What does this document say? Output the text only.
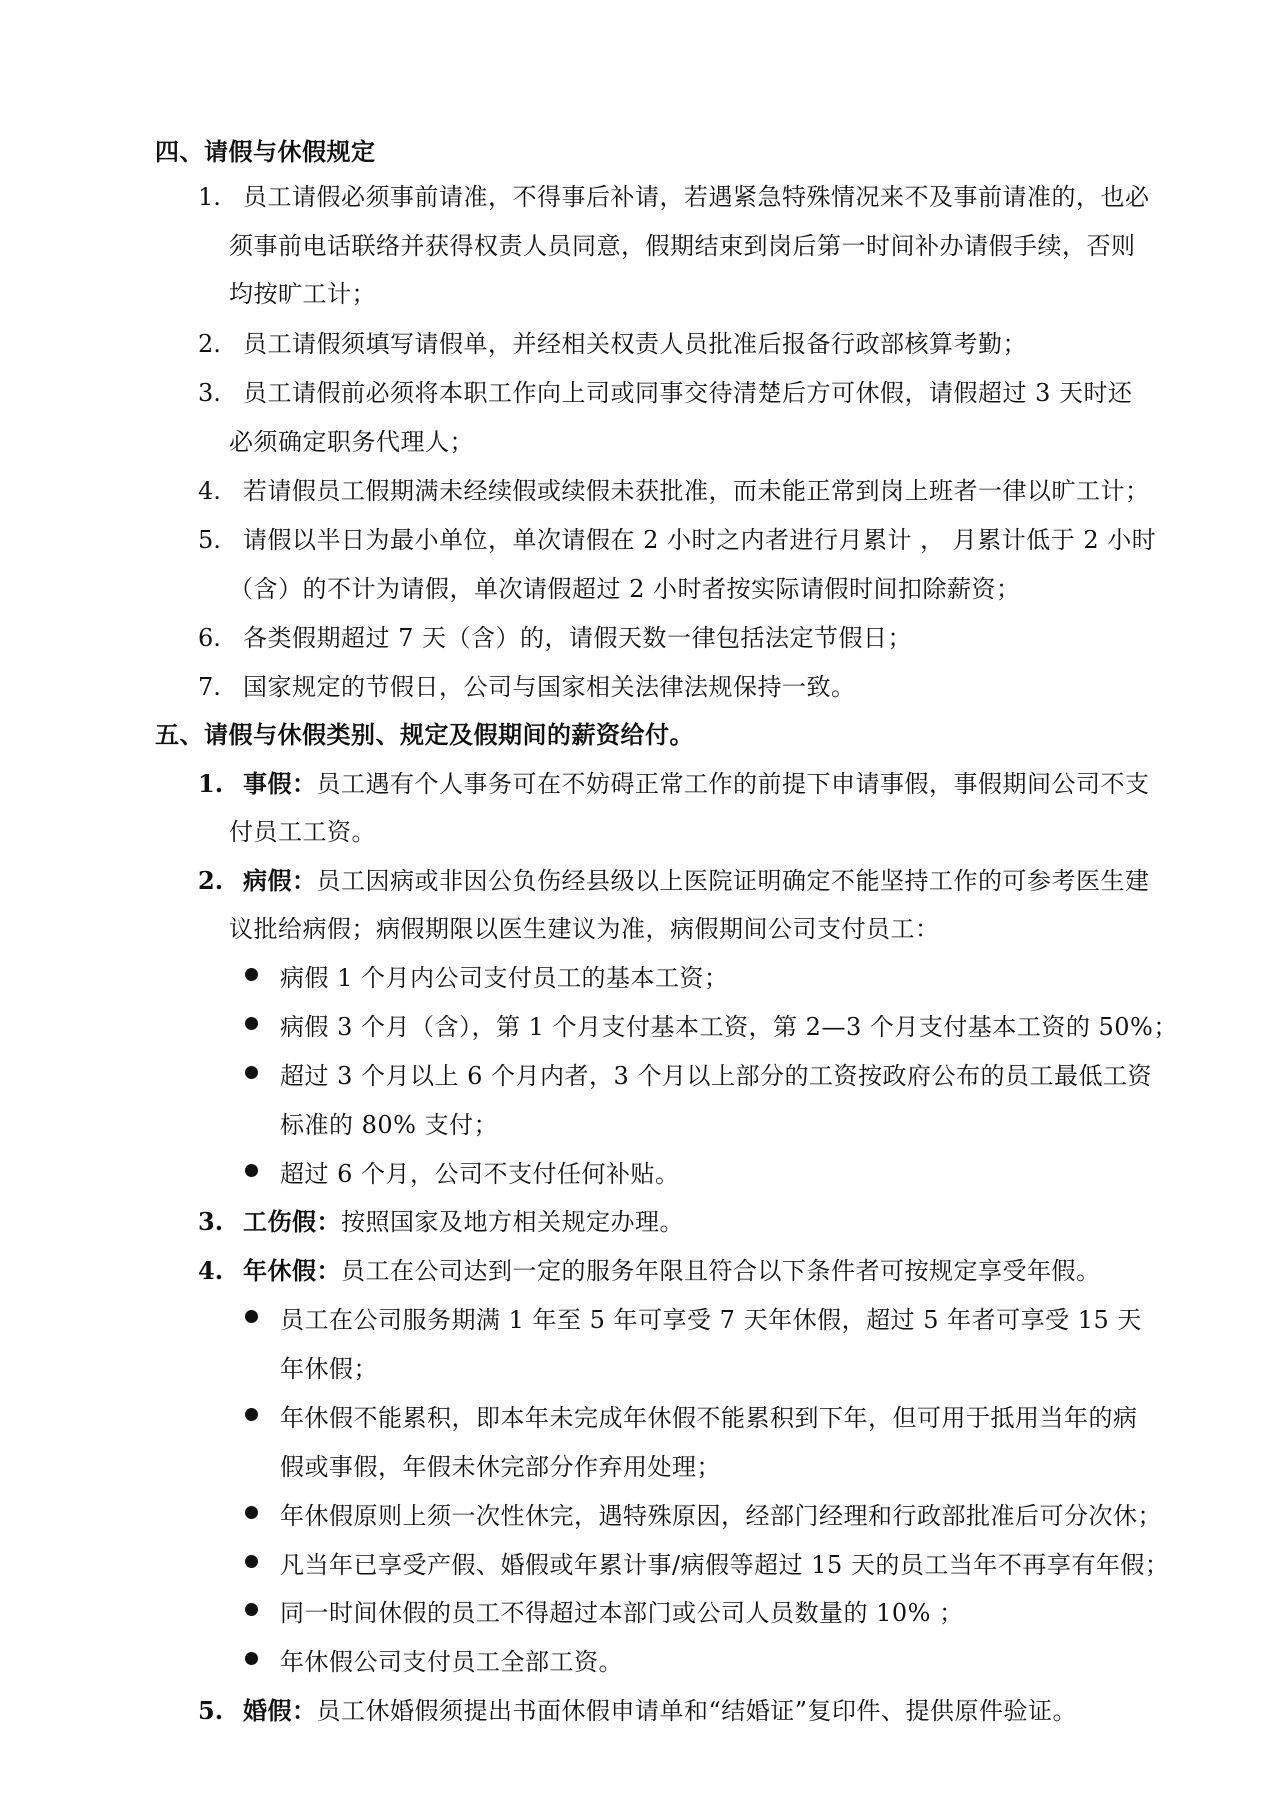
四、请假与休假规定
1. 员工请假必须事前请准，不得事后补请，若遇紧急特殊情况来不及事前请准的，也必
须事前电话联络并获得权责人员同意，假期结束到岗后第一时间补办请假手续，否则
均按旷工计；
2. 员工请假须填写请假单，并经相关权责人员批准后报备行政部核算考勤；
3. 员工请假前必须将本职工作向上司或同事交待清楚后方可休假，请假超过 3 天时还
必须确定职务代理人；
4. 若请假员工假期满未经续假或续假未获批准，而未能正常到岗上班者一律以旷工计；
5. 请假以半日为最小单位，单次请假在 2 小时之内者进行月累计 ， 月累计低于 2 小时
（含）的不计为请假，单次请假超过 2 小时者按实际请假时间扣除薪资；
6. 各类假期超过 7 天（含）的，请假天数一律包括法定节假日；
7. 国家规定的节假日，公司与国家相关法律法规保持一致。
五、请假与休假类别、规定及假期间的薪资给付。
1. 事假：员工遇有个人事务可在不妨碍正常工作的前提下申请事假，事假期间公司不支
付员工工资。
2. 病假：员工因病或非因公负伤经县级以上医院证明确定不能坚持工作的可参考医生建
议批给病假；病假期限以医生建议为准，病假期间公司支付员工：
病假 1 个月内公司支付员工的基本工资；
病假 3 个月（含），第 1 个月支付基本工资，第 2—3 个月支付基本工资的 50%；
超过 3 个月以上 6 个月内者，3 个月以上部分的工资按政府公布的员工最低工资
标准的 80% 支付；
超过 6 个月，公司不支付任何补贴。
3. 工伤假：按照国家及地方相关规定办理。
4. 年休假：员工在公司达到一定的服务年限且符合以下条件者可按规定享受年假。
员工在公司服务期满 1 年至 5 年可享受 7 天年休假，超过 5 年者可享受 15 天
年休假；
年休假不能累积，即本年未完成年休假不能累积到下年，但可用于抵用当年的病
假或事假，年假未休完部分作弃用处理；
年休假原则上须一次性休完，遇特殊原因，经部门经理和行政部批准后可分次休；
凡当年已享受产假、婚假或年累计事/病假等超过 15 天的员工当年不再享有年假；
同一时间休假的员工不得超过本部门或公司人员数量的 10% ；
年休假公司支付员工全部工资。
5. 婚假：员工休婚假须提出书面休假申请单和“结婚证”复印件、提供原件验证。
